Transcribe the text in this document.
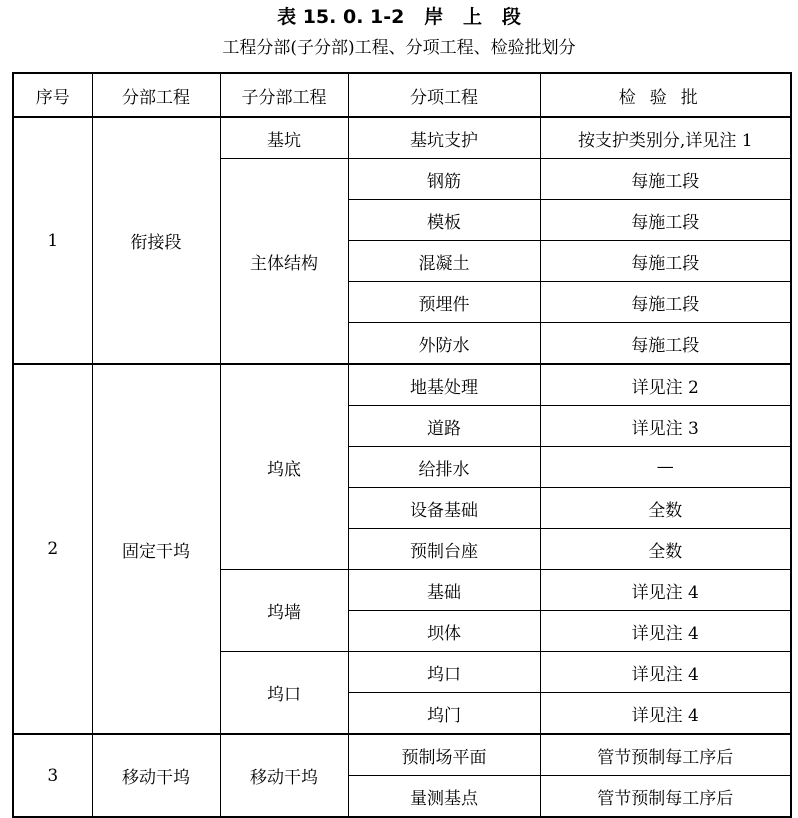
表 15. 0. 1-2   岸   上   段
工程分部(子分部)工程、分项工程、检验批划分
序号	分部工程	子分部工程	分项工程	检验批
1	衔接段	基坑	基坑支护	按支护类别分,详见注 1
		主体结构	钢筋	每施工段
			模板	每施工段
			混凝土	每施工段
			预埋件	每施工段
			外防水	每施工段
2	固定干坞	坞底	地基处理	详见注 2
			道路	详见注 3
			给排水	—
			设备基础	全数
			预制台座	全数
		坞墙	基础	详见注 4
			坝体	详见注 4
		坞口	坞口	详见注 4
			坞门	详见注 4
3	移动干坞	移动干坞	预制场平面	管节预制每工序后
			量测基点	管节预制每工序后
